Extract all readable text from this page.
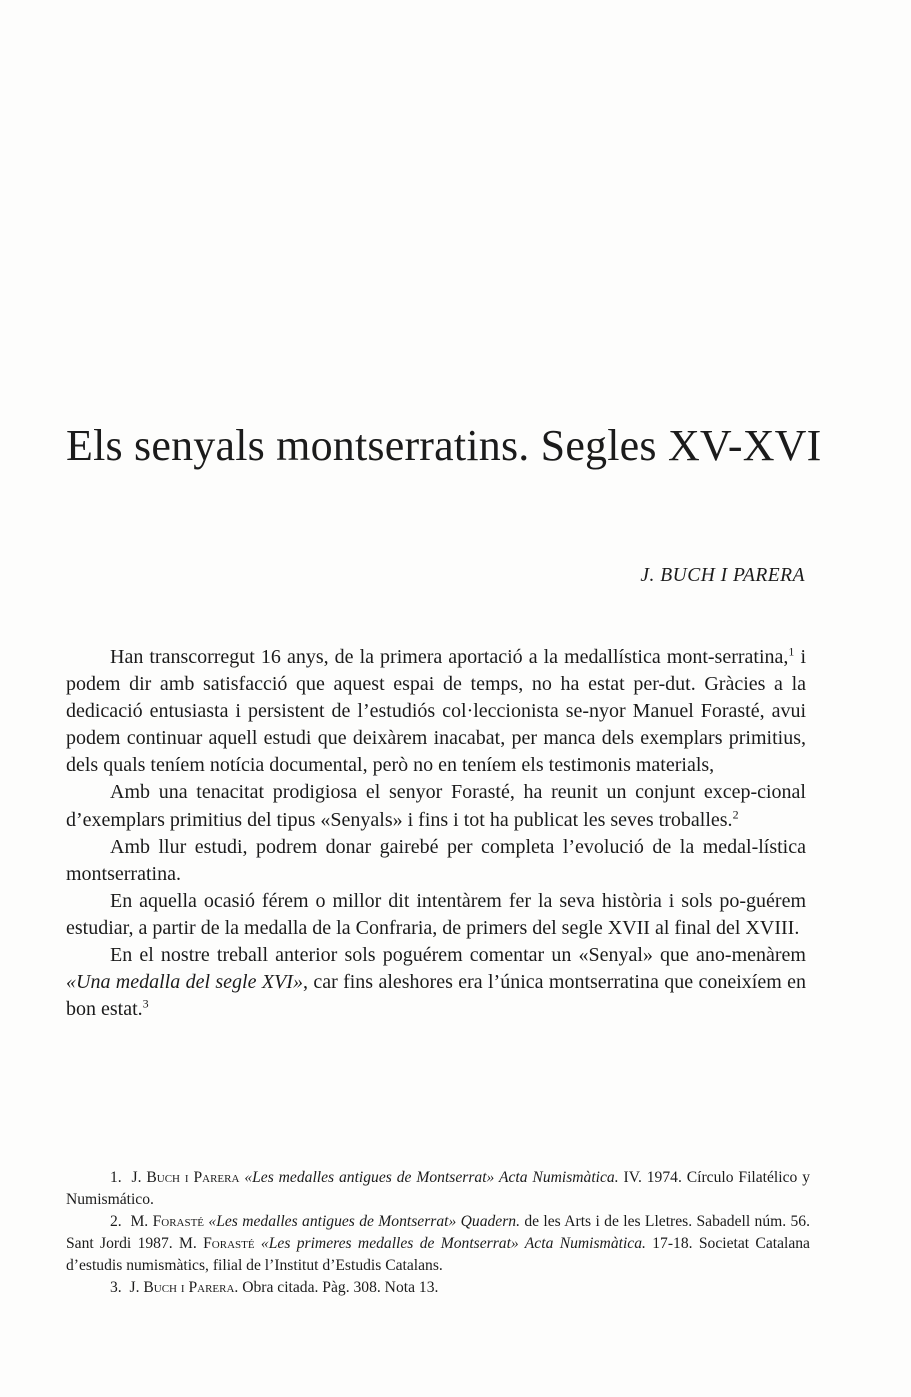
Els senyals montserratins. Segles XV-XVI
J. BUCH I PARERA

Han transcorregut 16 anys, de la primera aportació a la medallística mont-serratina,$^1$ i podem dir amb satisfacció que aquest espai de temps, no ha estat per-dut. Gràcies a la dedicació entusiasta i persistent de l’estudiós col·leccionista se-nyor Manuel Forasté, avui podem continuar aquell estudi que deixàrem inacabat, per manca dels exemplars primitius, dels quals teníem notícia documental, però no en teníem els testimonis materials,

Amb una tenacitat prodigiosa el senyor Forasté, ha reunit un conjunt excep-cional d’exemplars primitius del tipus «Senyals» i fins i tot ha publicat les seves troballes.$^2$

Amb llur estudi, podrem donar gairebé per completa l’evolució de la medal-lística montserratina.

En aquella ocasió férem o millor dit intentàrem fer la seva història i sols po-guérem estudiar, a partir de la medalla de la Confraria, de primers del segle XVII al final del XVIII.

En el nostre treball anterior sols poguérem comentar un «Senyal» que ano-menàrem «Una medalla del segle XVI», car fins aleshores era l’única montserratina que coneixíem en bon estat.$^3$

1. J. Buch i Parera «Les medalles antigues de Montserrat» Acta Numismàtica. IV. 1974. Círculo Filatélico y Numismático.

2. M. Forasté «Les medalles antigues de Montserrat» Quadern. de les Arts i de les Lletres. Sabadell núm. 56. Sant Jordi 1987. M. Forasté «Les primeres medalles de Montserrat» Acta Numismàtica. 17-18. Societat Catalana d’estudis numismàtics, filial de l’Institut d’Estudis Catalans.

3. J. Buch i Parera. Obra citada. Pàg. 308. Nota 13.
